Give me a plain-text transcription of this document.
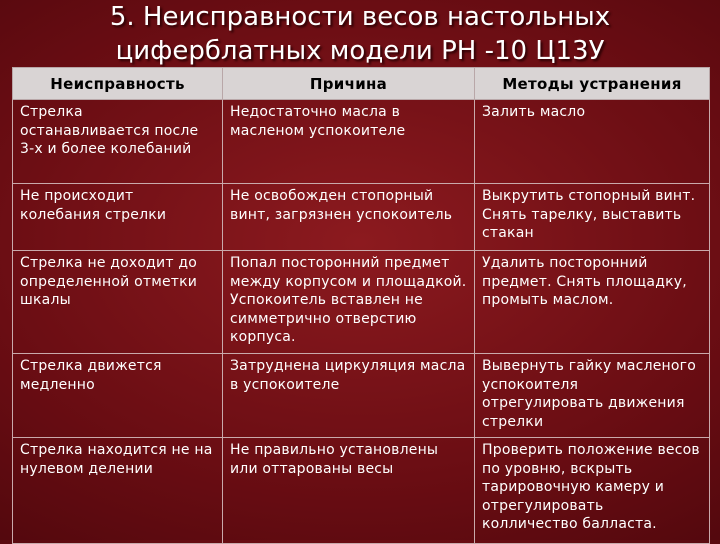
5. Неисправности весов настольных
циферблатных модели РН -10 Ц13У
Неисправность	Причина	Методы устранения
Стрелка останавливается после 3-х и более колебаний	Недостаточно масла в масленом успокоителе	Залить масло
Не происходит колебания стрелки	Не освобожден стопорный винт, загрязнен успокоитель	Выкрутить стопорный винт. Снять тарелку, выставить стакан
Стрелка не доходит до определенной отметки шкалы	Попал посторонний предмет между корпусом и площадкой. Успокоитель вставлен не симметрично отверстию корпуса.	Удалить посторонний предмет. Снять площадку, промыть маслом.
Стрелка движется медленно	Затруднена циркуляция масла в успокоителе	Вывернуть гайку масленого успокоителя отрегулировать движения стрелки
Стрелка находится не на нулевом делении	Не правильно установлены или оттарованы весы	Проверить положение весов по уровню, вскрыть тарировочную камеру и отрегулировать колличество балласта.
